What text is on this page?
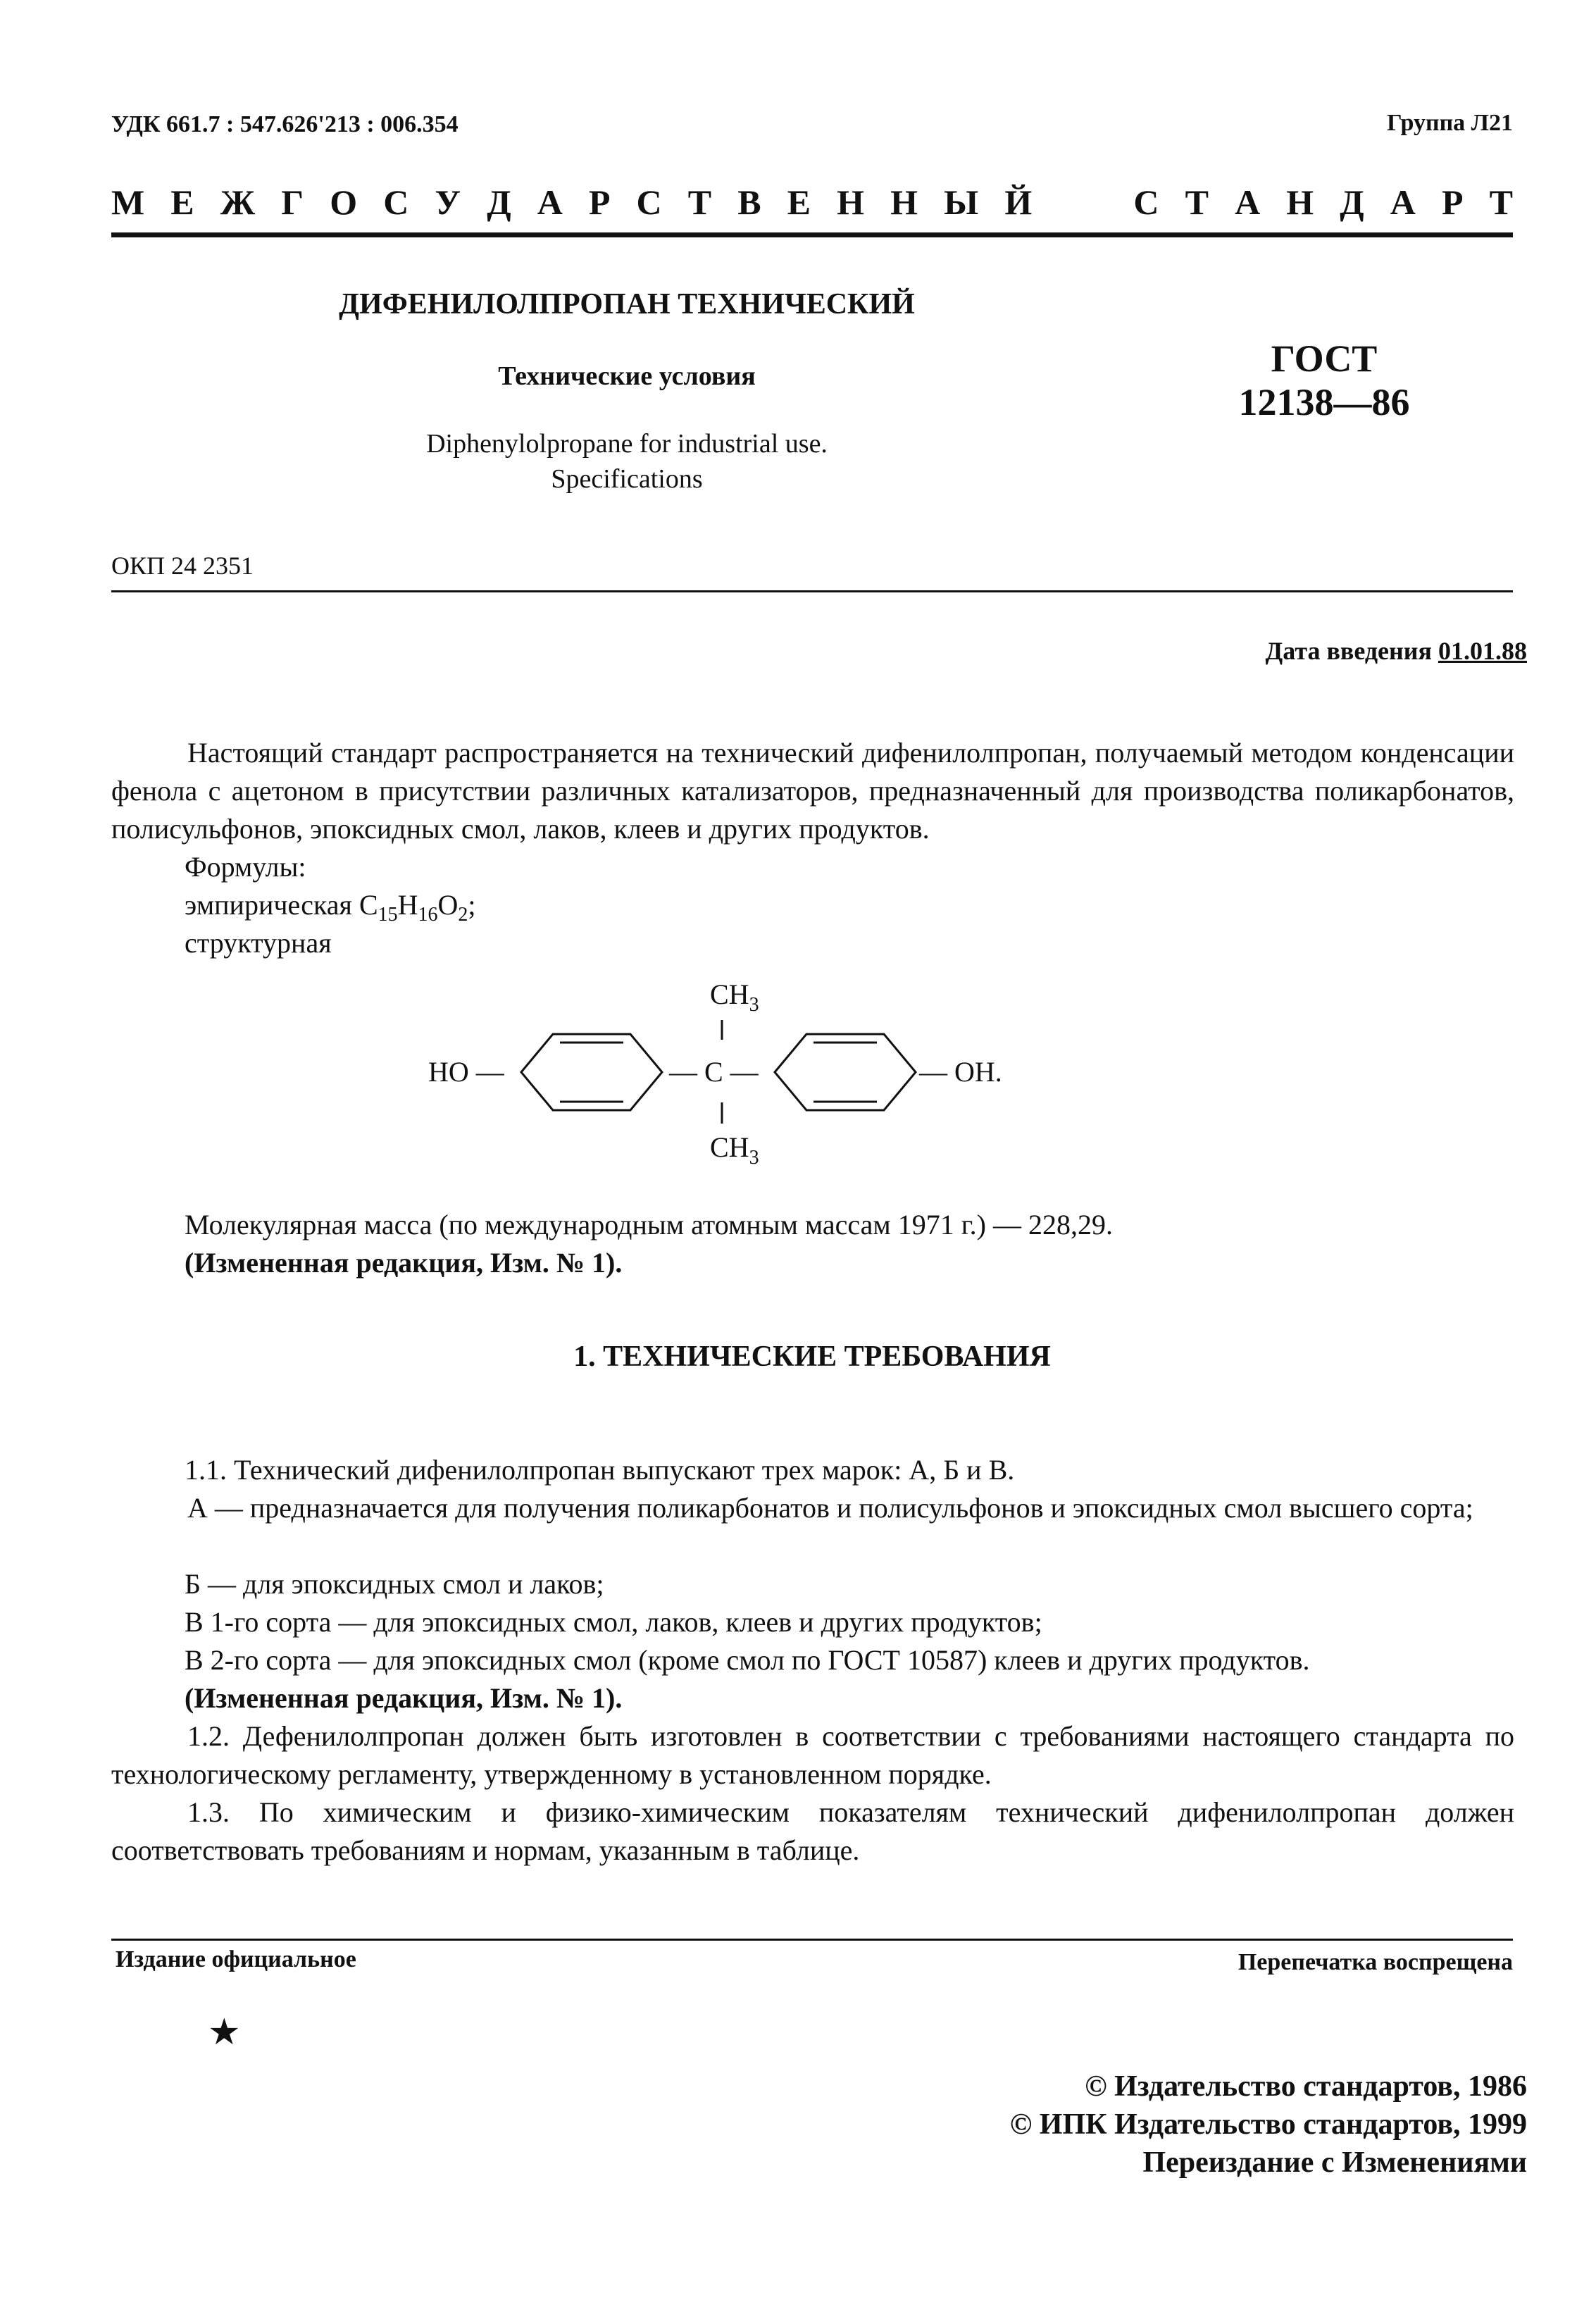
УДК 661.7 : 547.626'213 : 006.354	Группа Л21
М Е Ж Г О С У Д А Р С Т В Е Н Н Ы Й	С Т А Н Д А Р Т
ДИФЕНИЛОЛПРОПАН ТЕХНИЧЕСКИЙ
Технические условия
Diphenylolpropane for industrial use.
Specifications
ГОСТ
12138—86
ОКП 24 2351
Дата введения 01.01.88
Настоящий стандарт распространяется на технический дифенилолпропан, получаемый методом конденсации фенола с ацетоном в присутствии различных катализаторов, предназначенный для производства поликарбонатов, полисульфонов, эпоксидных смол, лаков, клеев и других продуктов.
Формулы:
эмпирическая $C_{15}H_{16}O_2$;
структурная
$CH_3$
HO —	— C —	— OH.
$CH_3$
Молекулярная масса (по международным атомным массам 1971 г.) — 228,29.
(Измененная редакция, Изм. № 1).
1. ТЕХНИЧЕСКИЕ ТРЕБОВАНИЯ
1.1. Технический дифенилолпропан выпускают трех марок: А, Б и В.
А — предназначается для получения поликарбонатов и полисульфонов и эпоксидных смол высшего сорта;
Б — для эпоксидных смол и лаков;
В 1-го сорта — для эпоксидных смол, лаков, клеев и других продуктов;
В 2-го сорта — для эпоксидных смол (кроме смол по ГОСТ 10587) клеев и других продуктов.
(Измененная редакция, Изм. № 1).
1.2. Дефенилолпропан должен быть изготовлен в соответствии с требованиями настоящего стандарта по технологическому регламенту, утвержденному в установленном порядке.
1.3. По химическим и физико-химическим показателям технический дифенилолпропан должен соответствовать требованиям и нормам, указанным в таблице.
Издание официальное	Перепечатка воспрещена
★
© Издательство стандартов, 1986
© ИПК Издательство стандартов, 1999
Переиздание с Изменениями
